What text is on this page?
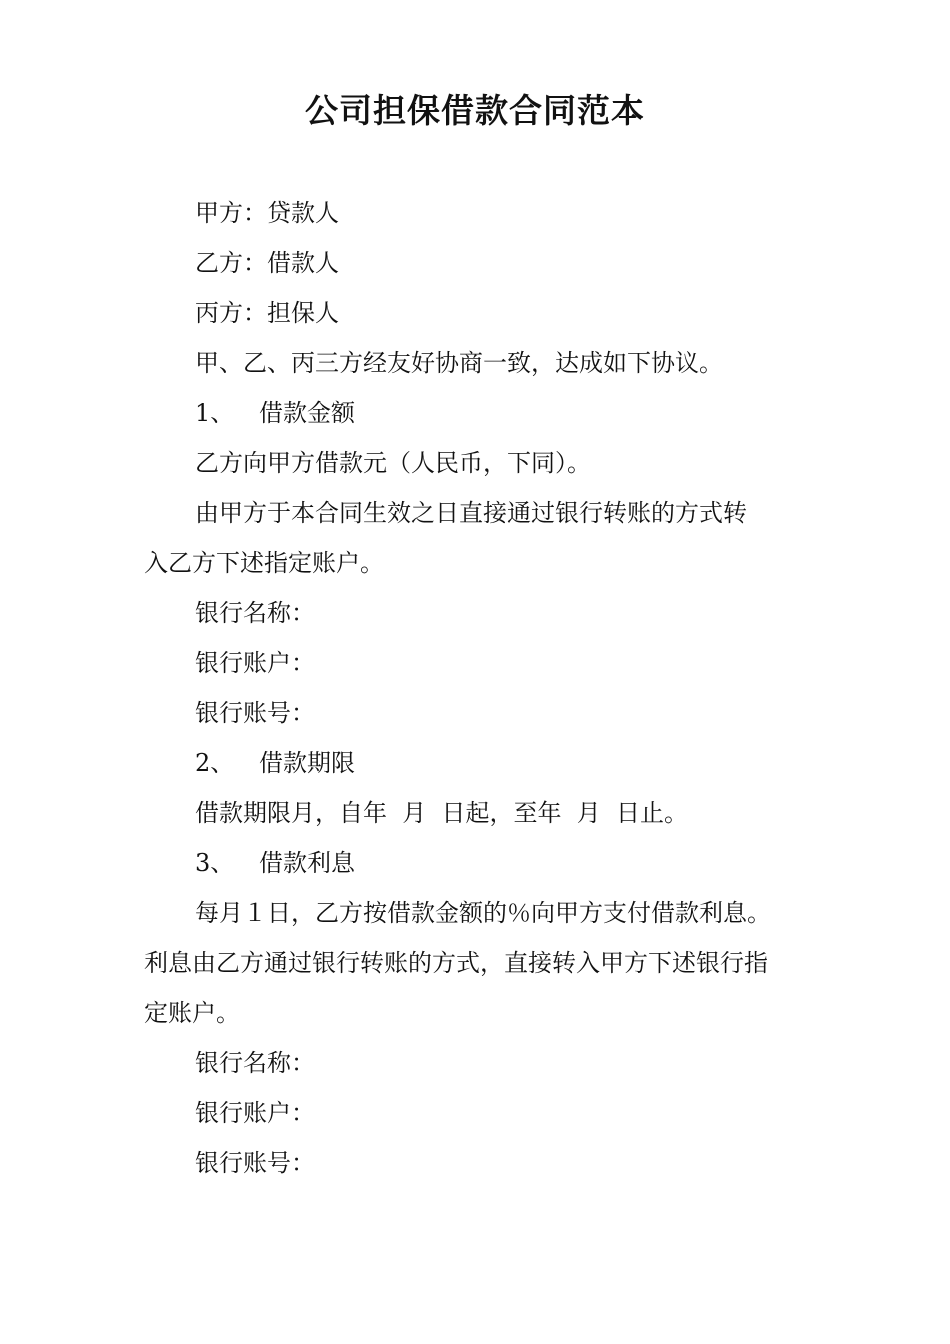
公司担保借款合同范本

甲方：贷款人

乙方：借款人

丙方：担保人

甲、乙、丙三方经友好协商一致，达成如下协议。

1、 借款金额

乙方向甲方借款元（人民币，下同）。

由甲方于本合同生效之日直接通过银行转账的方式转

入乙方下述指定账户。

银行名称：

银行账户：

银行账号：

2、 借款期限

借款期限月，自年  月  日起，至年  月  日止。

3、 借款利息

每月１日，乙方按借款金额的％向甲方支付借款利息。

利息由乙方通过银行转账的方式，直接转入甲方下述银行指

定账户。

银行名称：

银行账户：

银行账号：
